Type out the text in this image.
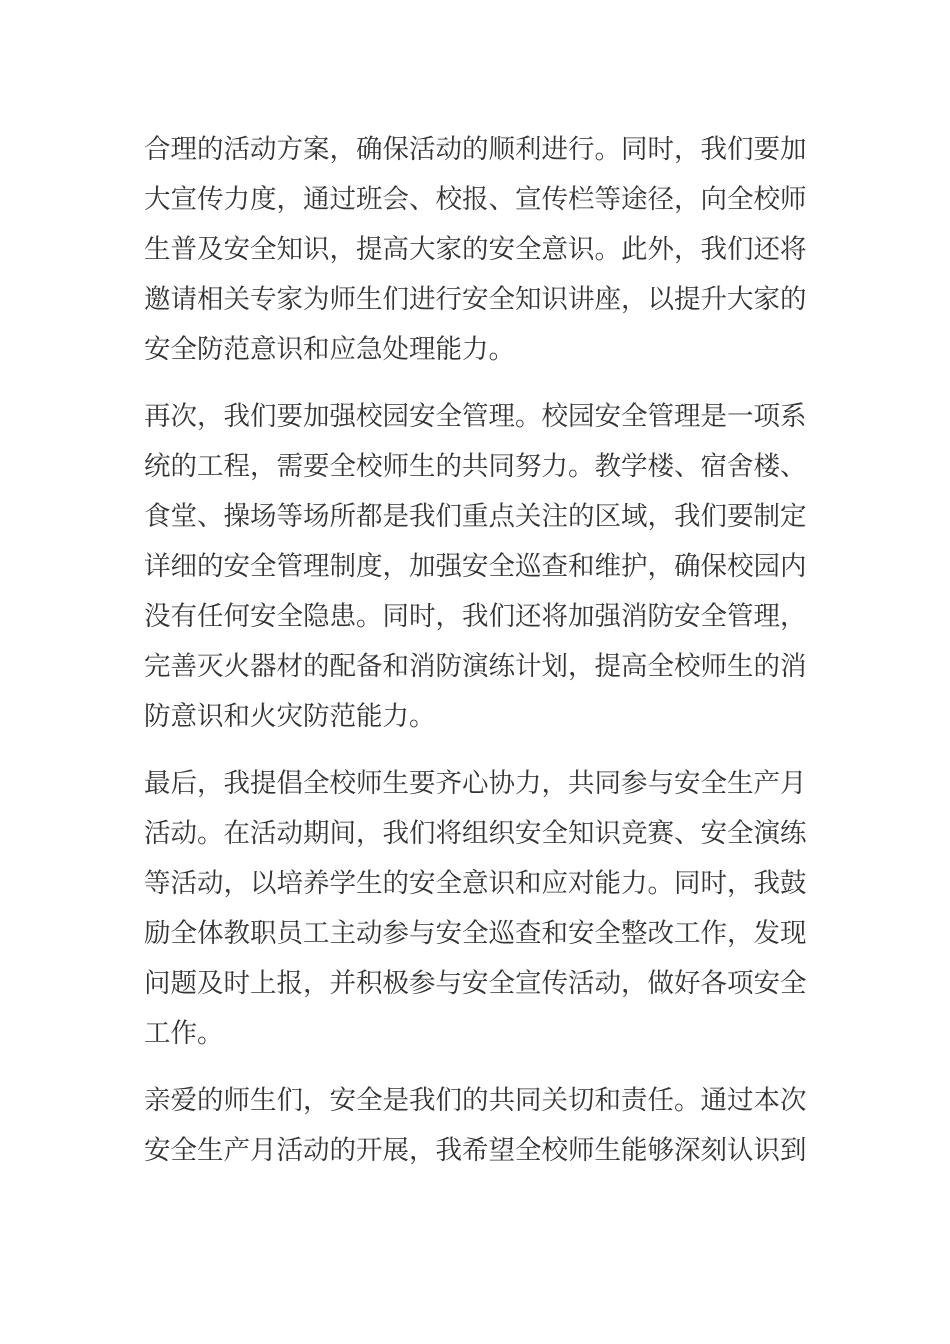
合理的活动方案，确保活动的顺利进行。同时，我们要加
大宣传力度，通过班会、校报、宣传栏等途径，向全校师
生普及安全知识，提高大家的安全意识。此外，我们还将
邀请相关专家为师生们进行安全知识讲座，以提升大家的
安全防范意识和应急处理能力。

再次，我们要加强校园安全管理。校园安全管理是一项系
统的工程，需要全校师生的共同努力。教学楼、宿舍楼、
食堂、操场等场所都是我们重点关注的区域，我们要制定
详细的安全管理制度，加强安全巡查和维护，确保校园内
没有任何安全隐患。同时，我们还将加强消防安全管理，
完善灭火器材的配备和消防演练计划，提高全校师生的消
防意识和火灾防范能力。

最后，我提倡全校师生要齐心协力，共同参与安全生产月
活动。在活动期间，我们将组织安全知识竞赛、安全演练
等活动，以培养学生的安全意识和应对能力。同时，我鼓
励全体教职员工主动参与安全巡查和安全整改工作，发现
问题及时上报，并积极参与安全宣传活动，做好各项安全
工作。

亲爱的师生们，安全是我们的共同关切和责任。通过本次
安全生产月活动的开展，我希望全校师生能够深刻认识到
